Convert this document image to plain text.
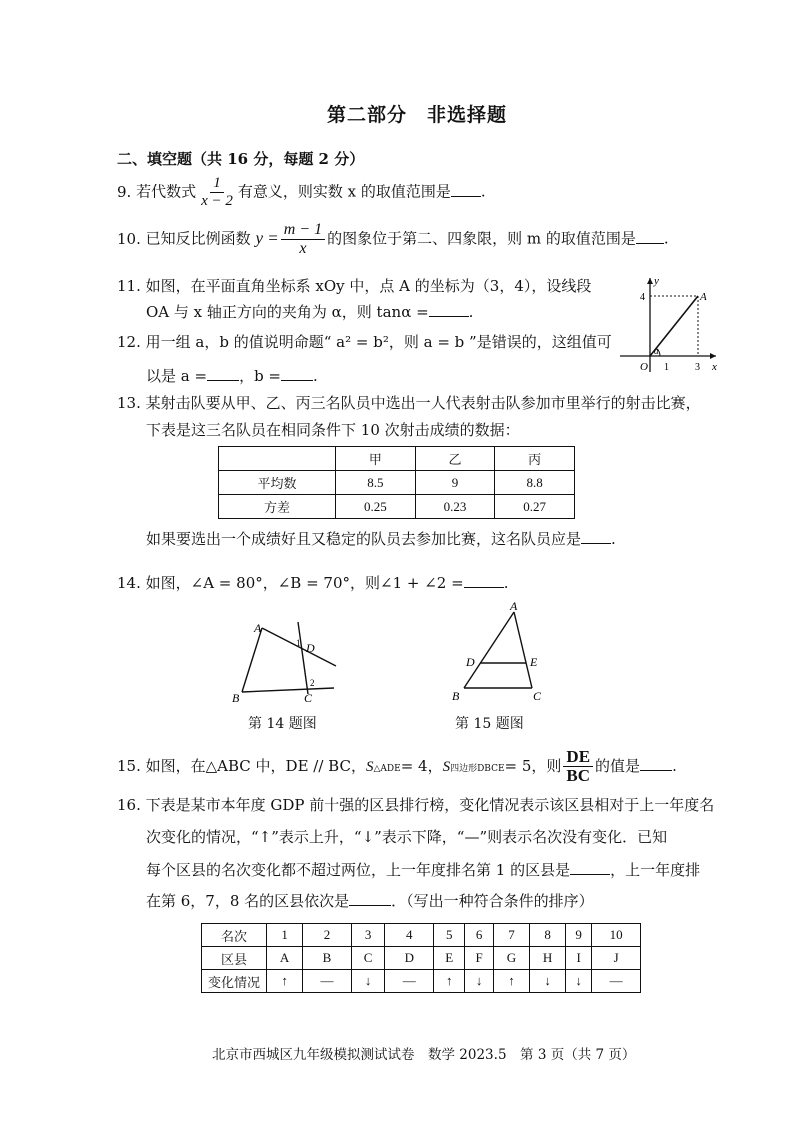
第二部分　非选择题
二、填空题（共 16 分，每题 2 分）
9. 若代数式 $\frac{1}{x - 2}$ 有意义，则实数 x 的取值范围是 .
10. 已知反比例函数 $y = \frac{m - 1}{x}$ 的图象位于第二、四象限，则 m 的取值范围是 .
11. 如图，在平面直角坐标系 xOy 中，点 A 的坐标为（3，4），设线段
OA 与 x 轴正方向的夹角为 α，则 tanα =	.
y
x
A
O 1	3
4
α
12. 用一组 a，b 的值说明命题“ a² = b²，则 a = b ”是错误的，这组值可
以是 a = ，b = .
13. 某射击队要从甲、乙、丙三名队员中选出一人代表射击队参加市里举行的射击比赛，
下表是这三名队员在相同条件下 10 次射击成绩的数据：
	甲	乙	丙
平均数	8.5	9	8.8
方差	0.25	0.23	0.27
如果要选出一个成绩好且又稳定的队员去参加比赛，这名队员应是 .
14. 如图，∠A = 80°，∠B = 70°，则∠1 + ∠2 =	.
A
B	C
D
1
2
第 14 题图
A
B	C
D	E
第 15 题图
15. 如图，在△ABC 中，DE // BC，S△ADE= 4，S四边形DBCE= 5，则 $\frac{DE}{BC}$ 的值是 .
16. 下表是某市本年度 GDP 前十强的区县排行榜，变化情况表示该区县相对于上一年度名
次变化的情况，“↑”表示上升，“↓”表示下降，“—”则表示名次没有变化．已知
每个区县的名次变化都不超过两位，上一年度排名第 1 的区县是	，上一年度排
在第 6，7，8 名的区县依次是	．（写出一种符合条件的排序）
名次	1	2	3	4	5	6	7	8	9	10
区县	A	B	C	D	E	F	G	H	I	J
变化情况	↑	—	↓	—	↑	↓	↑	↓	↓	—
北京市西城区九年级模拟测试试卷　数学 2023.5　第 3 页（共 7 页）
